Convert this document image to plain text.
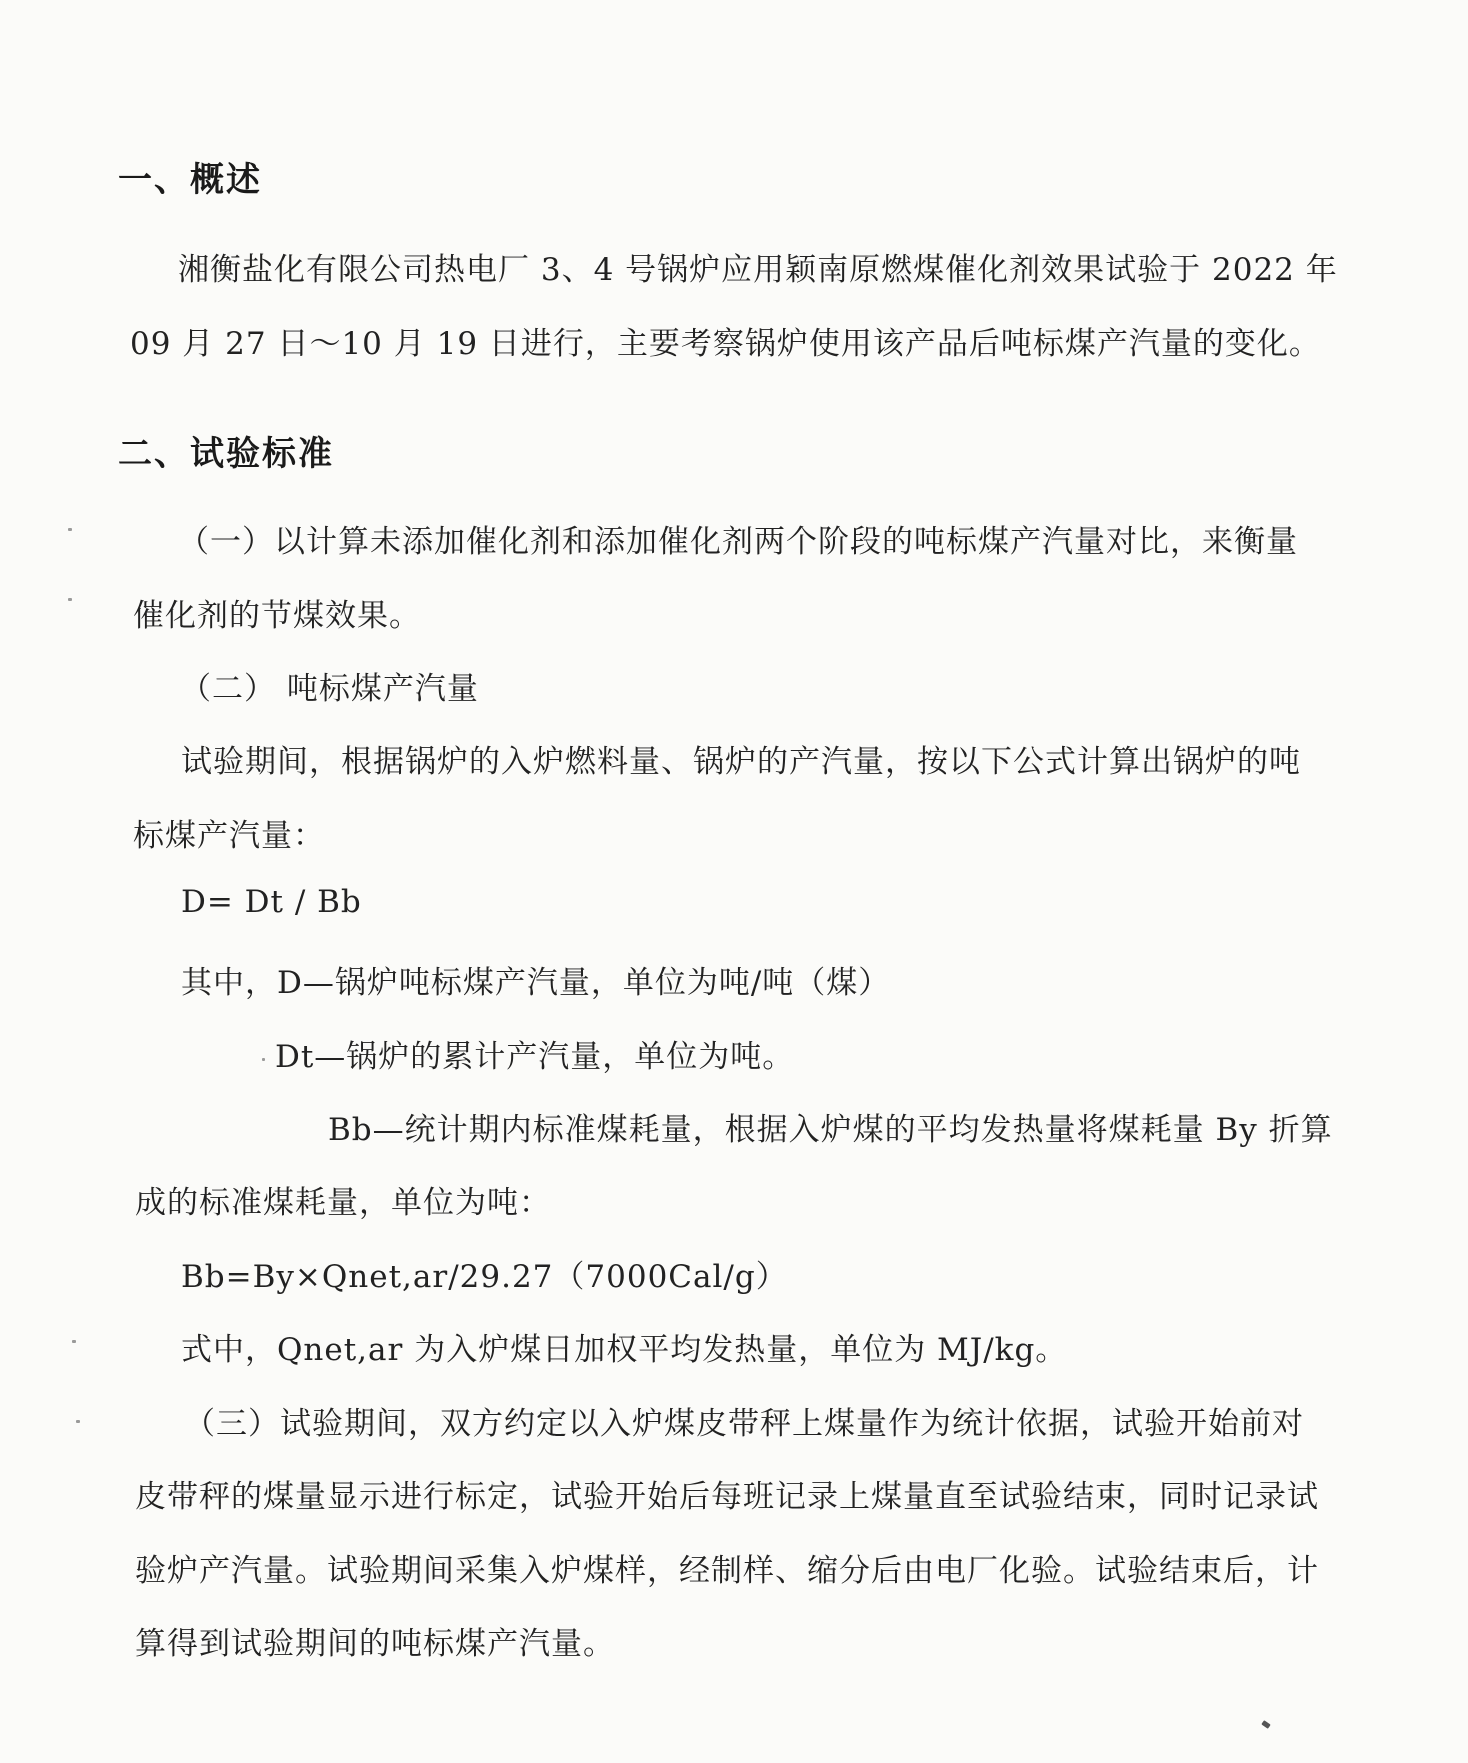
一、概述
湘衡盐化有限公司热电厂 3、4 号锅炉应用颖南原燃煤催化剂效果试验于 2022 年
09 月 27 日～10 月 19 日进行，主要考察锅炉使用该产品后吨标煤产汽量的变化。
二、试验标准
（一）以计算未添加催化剂和添加催化剂两个阶段的吨标煤产汽量对比，来衡量
催化剂的节煤效果。
（二） 吨标煤产汽量
试验期间，根据锅炉的入炉燃料量、锅炉的产汽量，按以下公式计算出锅炉的吨
标煤产汽量：
D= Dt / Bb
其中，D—锅炉吨标煤产汽量，单位为吨/吨（煤）
Dt—锅炉的累计产汽量，单位为吨。
Bb—统计期内标准煤耗量，根据入炉煤的平均发热量将煤耗量 By 折算
成的标准煤耗量，单位为吨：
Bb=By×Qnet,ar/29.27（7000Cal/g）
式中，Qnet,ar 为入炉煤日加权平均发热量，单位为 MJ/kg。
（三）试验期间，双方约定以入炉煤皮带秤上煤量作为统计依据，试验开始前对
皮带秤的煤量显示进行标定，试验开始后每班记录上煤量直至试验结束，同时记录试
验炉产汽量。试验期间采集入炉煤样，经制样、缩分后由电厂化验。试验结束后，计
算得到试验期间的吨标煤产汽量。
